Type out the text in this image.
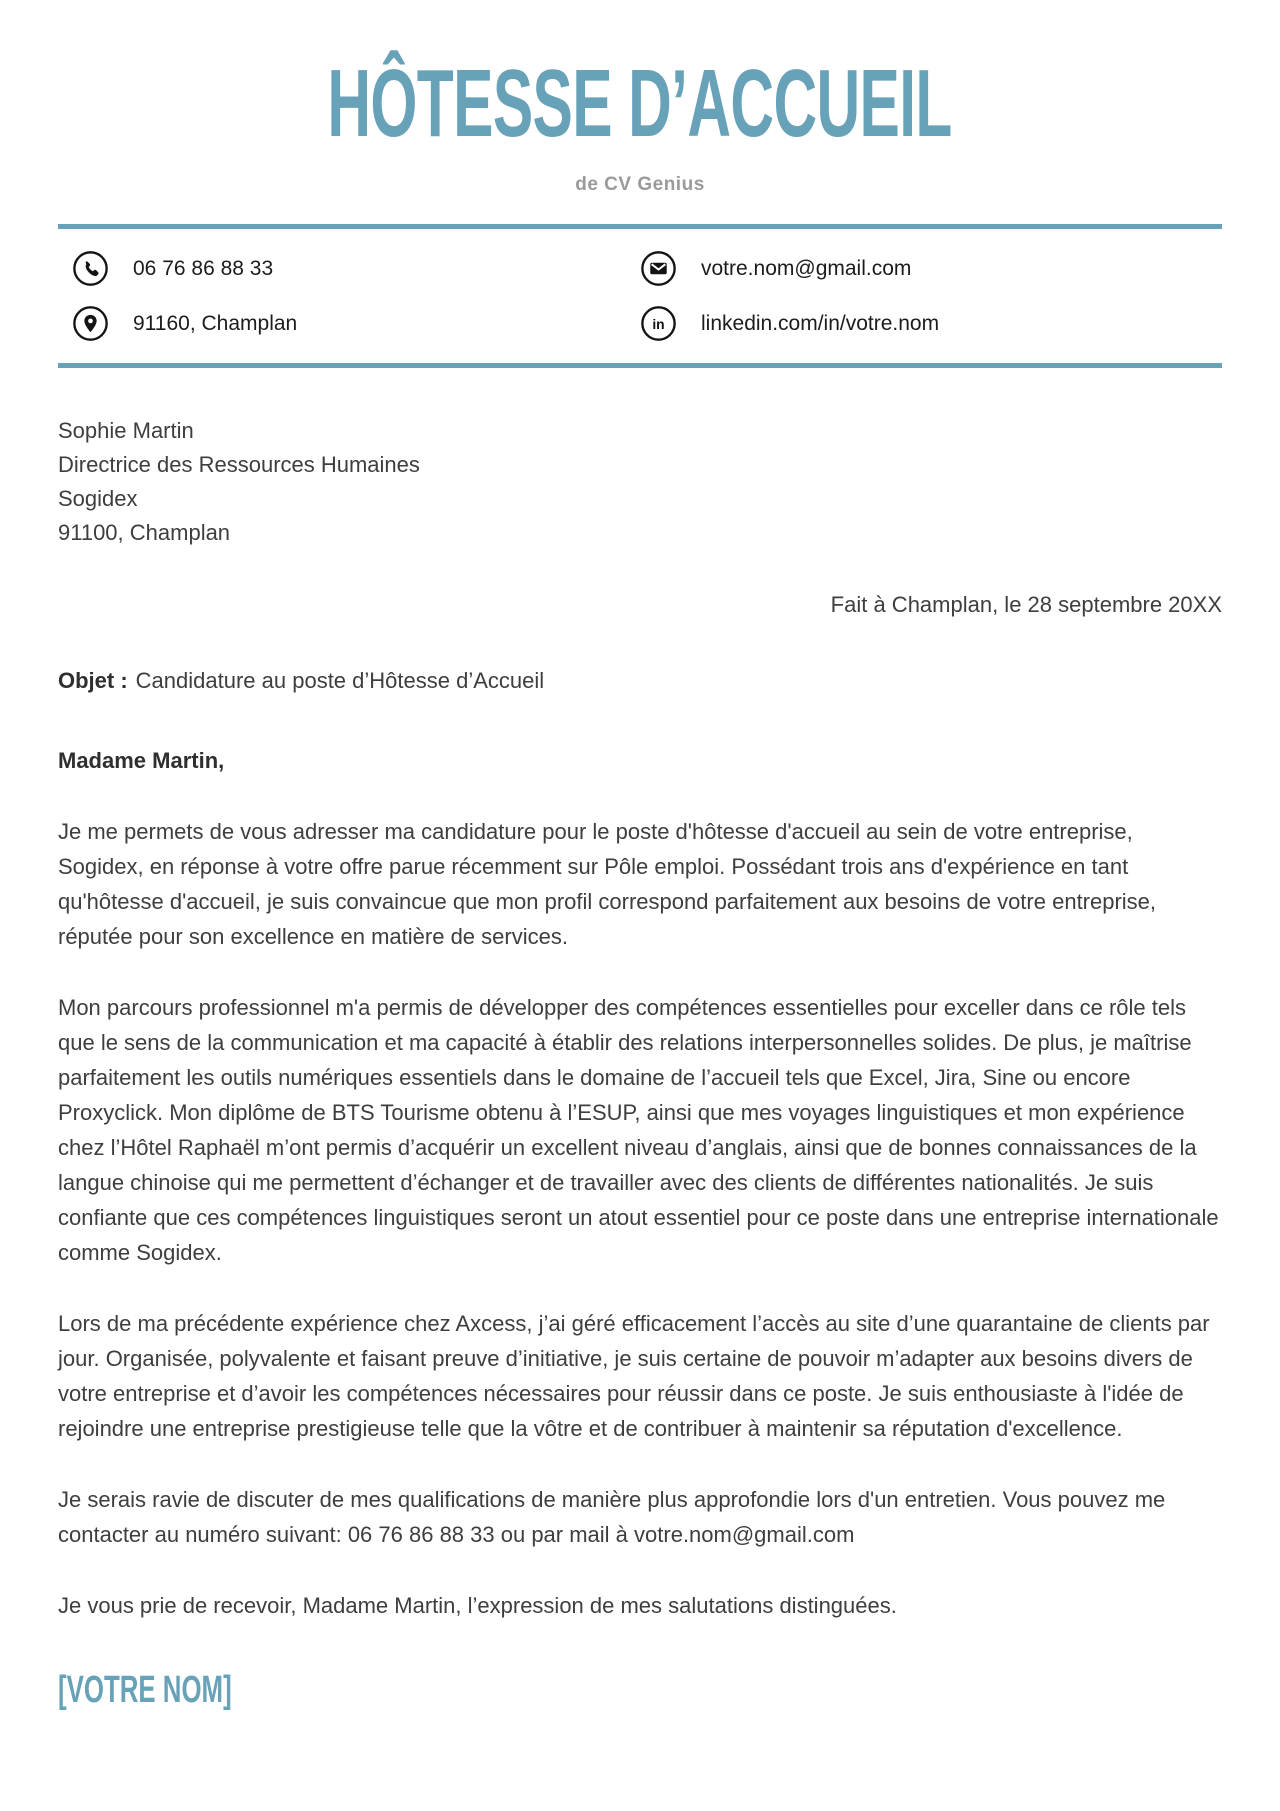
HÔTESSE D’ACCUEIL
de CV Genius
06 76 86 88 33	votre.nom@gmail.com
91160, Champlan	in linkedin.com/in/votre.nom
Sophie Martin
Directrice des Ressources Humaines
Sogidex
91100, Champlan
Fait à Champlan, le 28 septembre 20XX
Objet : Candidature au poste d’Hôtesse d’Accueil
Madame Martin,

Je me permets de vous adresser ma candidature pour le poste d'hôtesse d'accueil au sein de votre entreprise, Sogidex, en réponse à votre offre parue récemment sur Pôle emploi. Possédant trois ans d'expérience en tant qu'hôtesse d'accueil, je suis convaincue que mon profil correspond parfaitement aux besoins de votre entreprise, réputée pour son excellence en matière de services.

Mon parcours professionnel m'a permis de développer des compétences essentielles pour exceller dans ce rôle tels que le sens de la communication et ma capacité à établir des relations interpersonnelles solides. De plus, je maîtrise parfaitement les outils numériques essentiels dans le domaine de l’accueil tels que Excel, Jira, Sine ou encore Proxyclick. Mon diplôme de BTS Tourisme obtenu à l’ESUP, ainsi que mes voyages linguistiques et mon expérience chez l’Hôtel Raphaël m’ont permis d’acquérir un excellent niveau d’anglais, ainsi que de bonnes connaissances de la langue chinoise qui me permettent d’échanger et de travailler avec des clients de différentes nationalités. Je suis confiante que ces compétences linguistiques seront un atout essentiel pour ce poste dans une entreprise internationale comme Sogidex.

Lors de ma précédente expérience chez Axcess, j’ai géré efficacement l’accès au site d’une quarantaine de clients par jour. Organisée, polyvalente et faisant preuve d’initiative, je suis certaine de pouvoir m’adapter aux besoins divers de votre entreprise et d’avoir les compétences nécessaires pour réussir dans ce poste. Je suis enthousiaste à l'idée de rejoindre une entreprise prestigieuse telle que la vôtre et de contribuer à maintenir sa réputation d'excellence.

Je serais ravie de discuter de mes qualifications de manière plus approfondie lors d'un entretien. Vous pouvez me contacter au numéro suivant: 06 76 86 88 33 ou par mail à votre.nom@gmail.com

Je vous prie de recevoir, Madame Martin, l’expression de mes salutations distinguées.

[VOTRE NOM]
